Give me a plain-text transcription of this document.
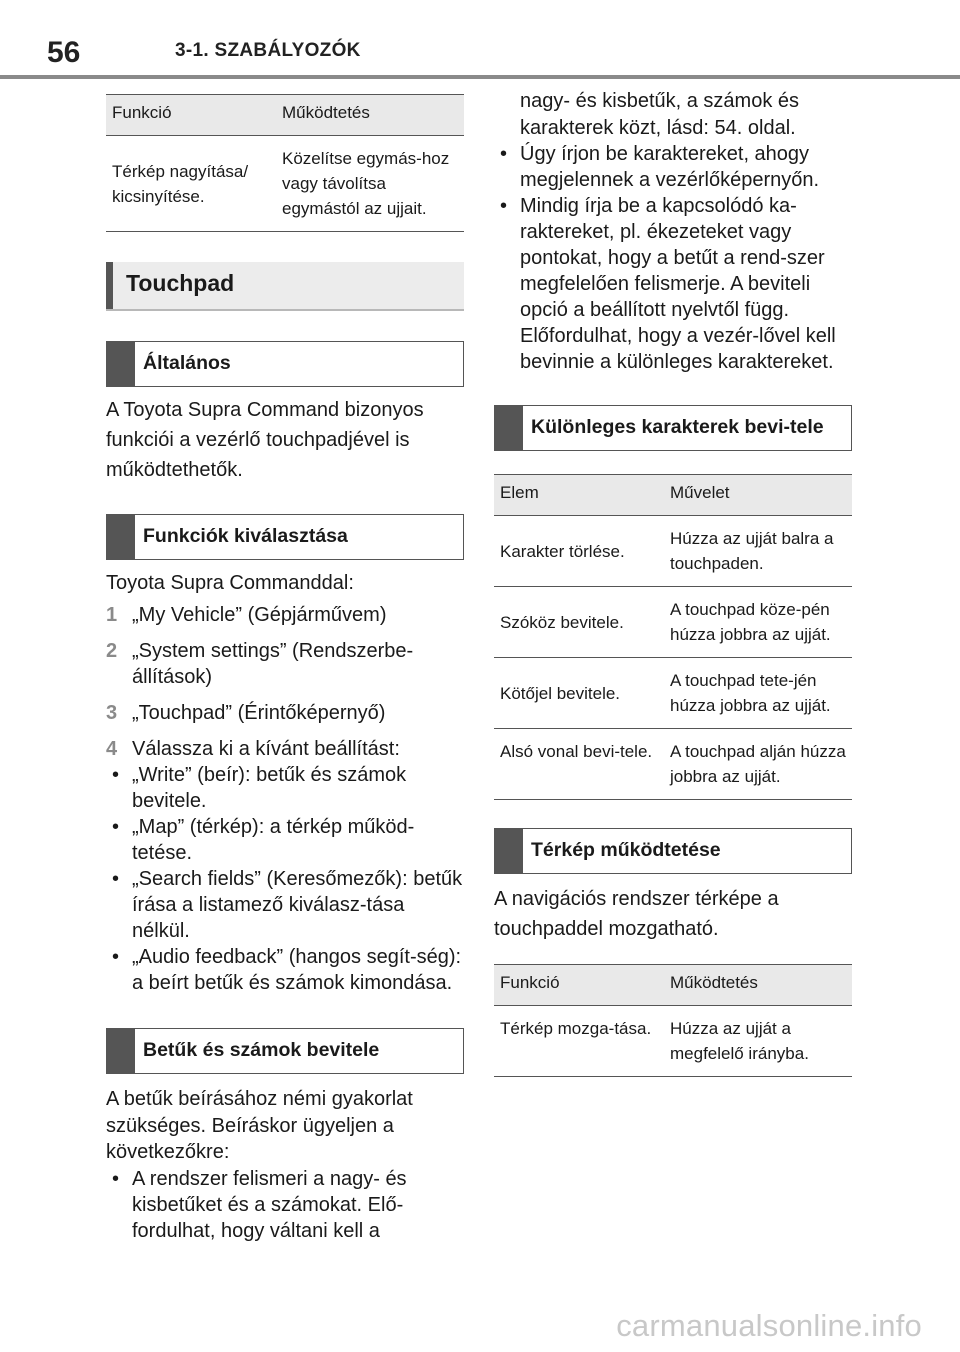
56	3-1. SZABÁLYOZÓK
Funkció	Működtetés
Térkép nagyítása/ kicsinyítése.	Közelítse egymás-hoz vagy távolítsa egymástól az ujjait.
Touchpad
Általános

A Toyota Supra Command bizonyos funkciói a vezérlő touchpadjével is működtethetők.

Funkciók kiválasztása

Toyota Supra Commanddal:

1 „My Vehicle” (Gépjárművem)
2 „System settings” (Rendszerbe-állítások)
3 „Touchpad” (Érintőképernyő)
4 Válassza ki a kívánt beállítást:
• „Write” (beír): betűk és számok bevitele.
• „Map” (térkép): a térkép működ-tetése.
• „Search fields” (Keresőmezők): betűk írása a listamező kiválasz-tása nélkül.
• „Audio feedback” (hangos segít-ség): a beírt betűk és számok kimondása.
Betűk és számok bevitele

A betűk beírásához némi gyakorlat szükséges. Beíráskor ügyeljen a következőkre:

• A rendszer felismeri a nagy- és kisbetűket és a számokat. Elő-fordulhat, hogy váltani kell a
nagy- és kisbetűk, a számok és karakterek közt, lásd: 54. oldal.
• Úgy írjon be karaktereket, ahogy megjelennek a vezérlőképernyőn.
• Mindig írja be a kapcsolódó ka-raktereket, pl. ékezeteket vagy pontokat, hogy a betűt a rend-szer megfelelően felismerje. A beviteli opció a beállított nyelvtől függ. Előfordulhat, hogy a vezér-lővel kell bevinnie a különleges karaktereket.
Különleges karakterek bevi-tele
Elem	Művelet
Karakter törlése.	Húzza az ujját balra a touchpaden.
Szóköz bevitele.	A touchpad köze-pén húzza jobbra az ujját.
Kötőjel bevitele.	A touchpad tete-jén húzza jobbra az ujját.
Alsó vonal bevi-tele.	A touchpad alján húzza jobbra az ujját.
Térkép működtetése

A navigációs rendszer térképe a touchpaddel mozgatható.

Funkció	Működtetés
Térkép mozga-tása.	Húzza az ujját a megfelelő irányba.
carmanualsonline.info
